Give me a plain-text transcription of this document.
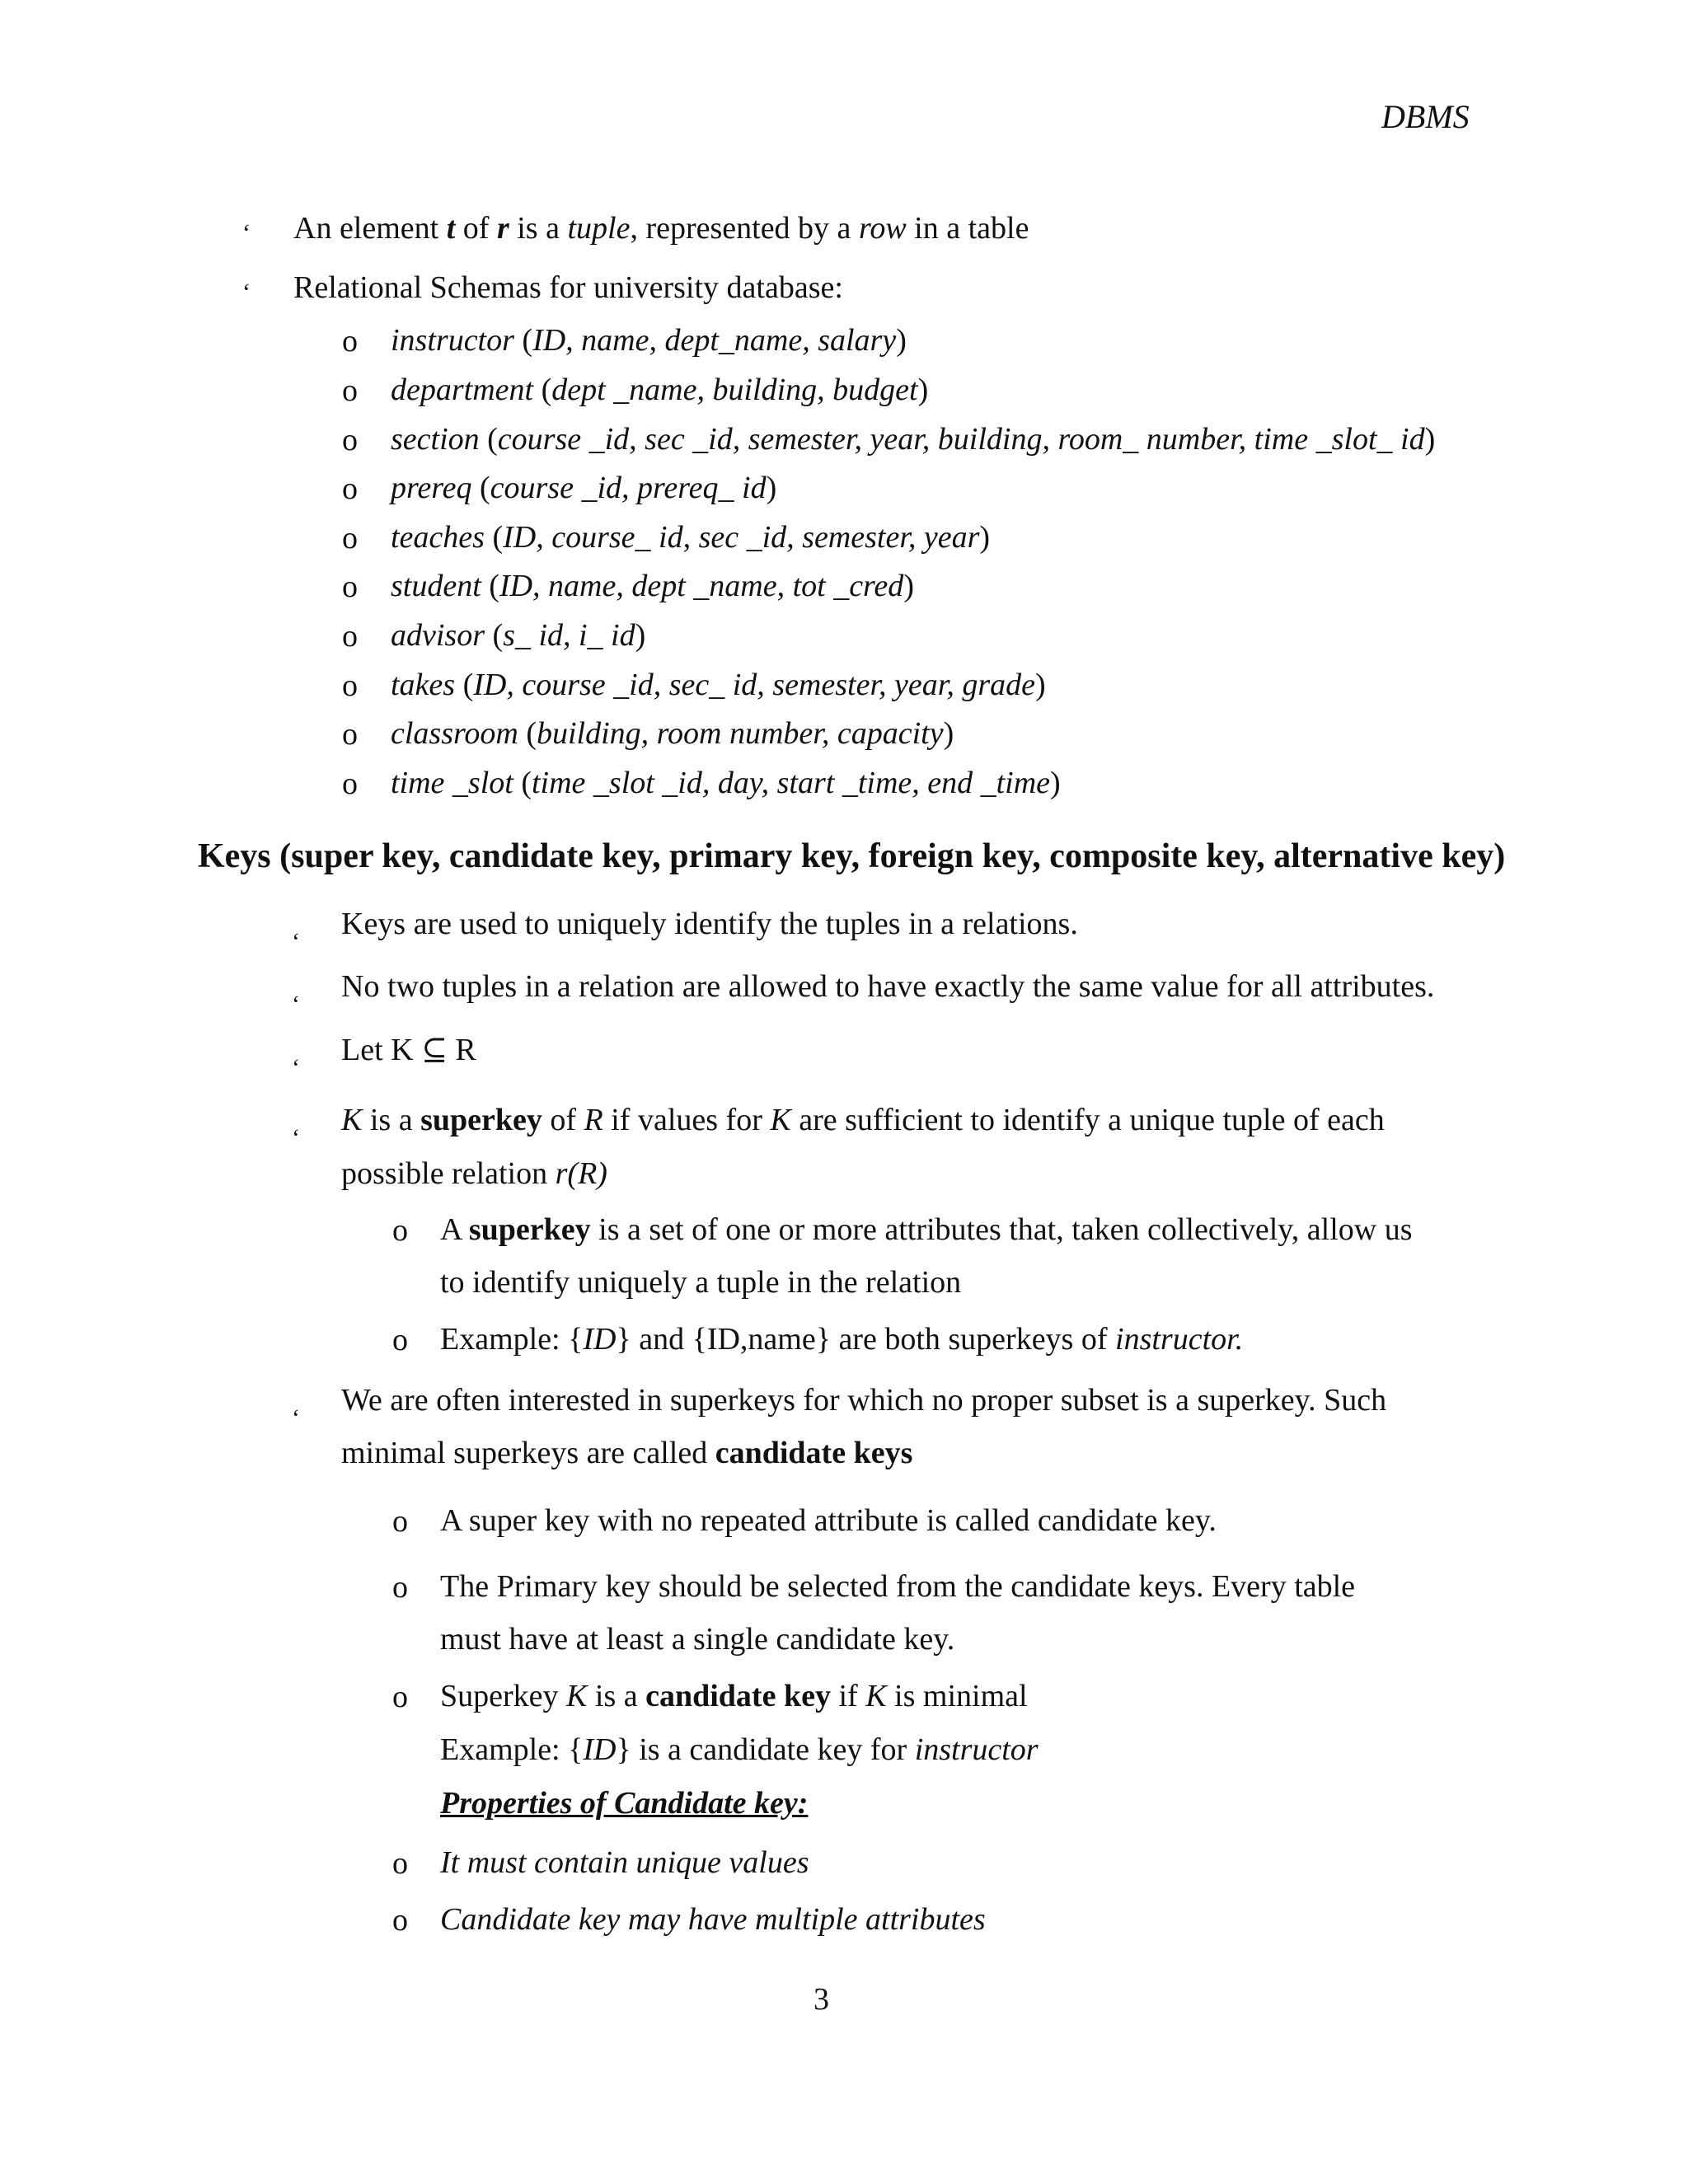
DBMS
ʻ An element t of r is a tuple, represented by a row in a table
ʻ Relational Schemas for university database:
o instructor (ID, name, dept_name, salary)
o department (dept _name, building, budget)
o section (course _id, sec _id, semester, year, building, room_ number, time _slot_ id)
o prereq (course _id, prereq_ id)
o teaches (ID, course_ id, sec _id, semester, year)
o student (ID, name, dept _name, tot _cred)
o advisor (s_ id, i_ id)
o takes (ID, course _id, sec_ id, semester, year, grade)
o classroom (building, room number, capacity)
o time _slot (time _slot _id, day, start _time, end _time)
Keys (super key, candidate key, primary key, foreign key, composite key, alternative key)
ʻ
Keys are used to uniquely identify the tuples in a relations.
ʻ
No two tuples in a relation are allowed to have exactly the same value for all attributes.
ʻ
Let K ⊆ R
ʻ
K is a superkey of R if values for K are sufficient to identify a unique tuple of each
possible relation r(R)
o A superkey is a set of one or more attributes that, taken collectively, allow us
to identify uniquely a tuple in the relation
o Example: {ID} and {ID,name} are both superkeys of instructor.
ʻ
We are often interested in superkeys for which no proper subset is a superkey. Such
minimal superkeys are called candidate keys
o A super key with no repeated attribute is called candidate key.
o The Primary key should be selected from the candidate keys. Every table
must have at least a single candidate key.
o Superkey K is a candidate key if K is minimal
Example: {ID} is a candidate key for instructor
Properties of Candidate key:
o It must contain unique values
o Candidate key may have multiple attributes
3
